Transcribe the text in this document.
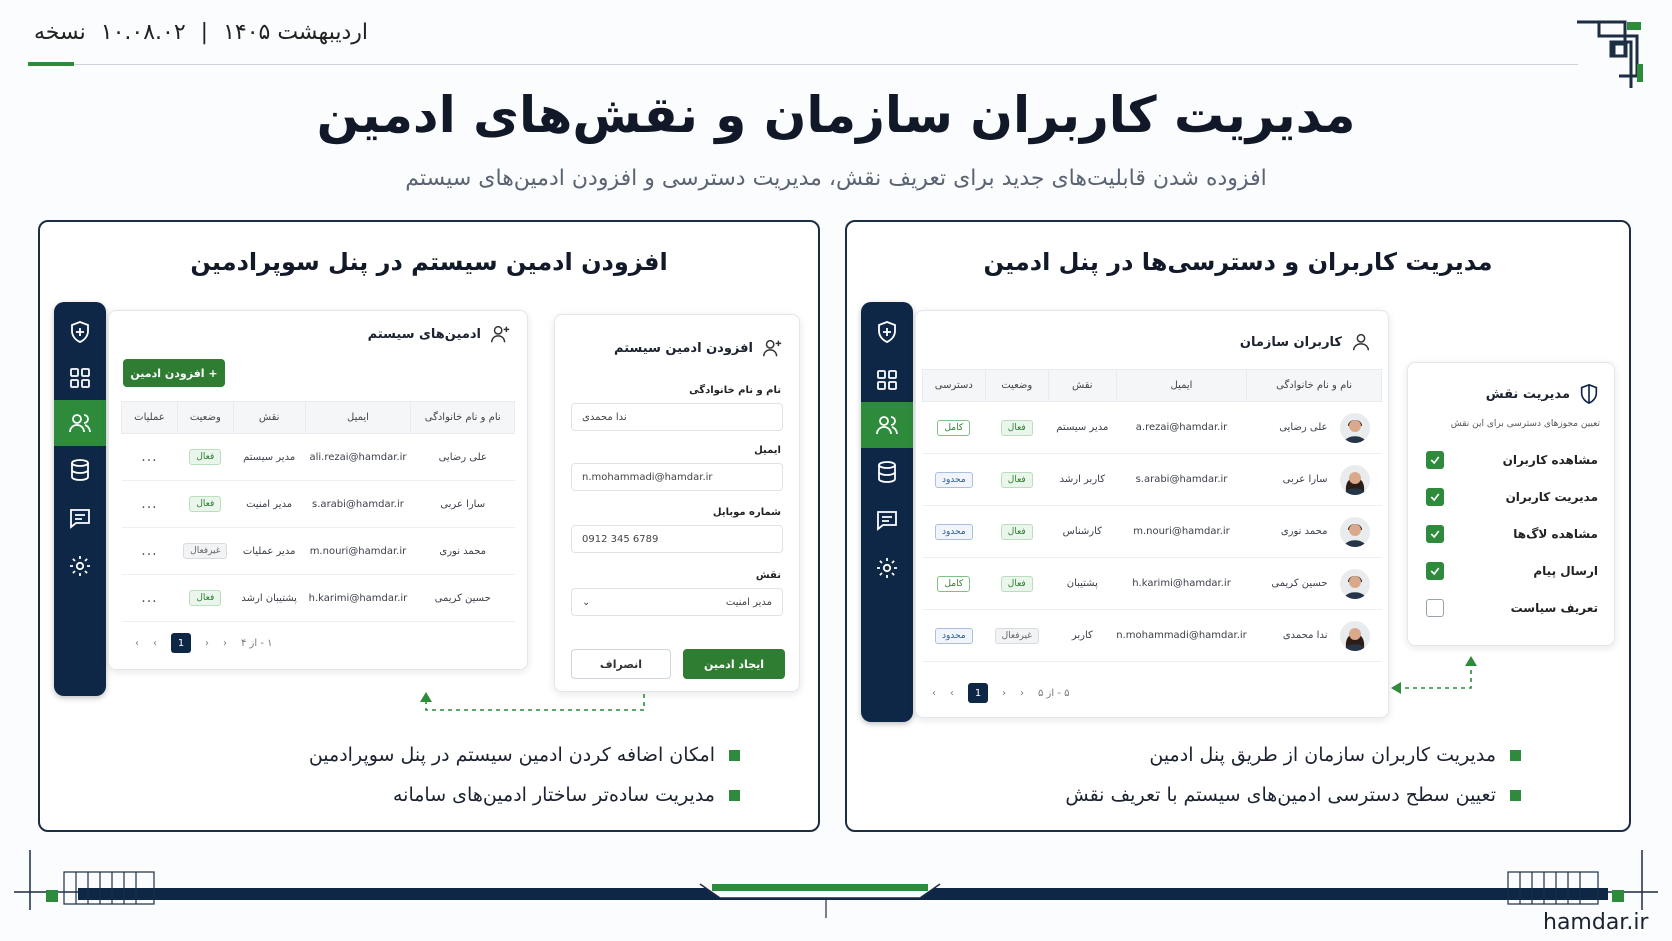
اردیبهشت ۱۴۰۵ | ۱۰.۰۸.۰۲ نسخه
مدیریت کاربران سازمان و نقش‌های ادمین
افزوده شدن قابلیت‌های جدید برای تعریف نقش، مدیریت دسترسی و افزودن ادمین‌های سیستم
افزودن ادمین سیستم در پنل سوپرادمین
ادمین‌های سیستم
+ افزودن ادمین
نام و نام خانوادگی	ایمیل	نقش	وضعیت	عملیات
علی رضایی	ali.rezai@hamdar.ir	مدیر سیستم	فعال	...
سارا عربی	s.arabi@hamdar.ir	مدیر امنیت	فعال	...
محمد نوری	m.nouri@hamdar.ir	مدیر عملیات	غیرفعال	...
حسین کریمی	h.karimi@hamdar.ir	پشتیبان ارشد	فعال	...
‹ ‹	1	› › ۱ - از ۴
افزودن ادمین سیستم
نام و نام خانوادگی
ندا محمدی
ایمیل
n.mohammadi@hamdar.ir
شماره موبایل
0912 345 6789
نقش
⌄	مدیر امنیت
انصراف	ایجاد ادمین
امکان اضافه کردن ادمین سیستم در پنل سوپرادمین
مدیریت ساده‌تر ساختار ادمین‌های سامانه
مدیریت کاربران و دسترسی‌ها در پنل ادمین
کاربران سازمان
نام و نام خانوادگی	ایمیل	نقش	وضعیت	دسترسی

علی رضایی	a.rezai@hamdar.ir	مدیر سیستم	فعال	کامل

سارا عربی	s.arabi@hamdar.ir	کاربر ارشد	فعال	محدود

محمد نوری	m.nouri@hamdar.ir	کارشناس	فعال	محدود

حسین کریمی	h.karimi@hamdar.ir	پشتیبان	فعال	کامل

ندا محمدی	n.mohammadi@hamdar.ir	کاربر	غیرفعال	محدود
‹ ‹	1	› › ۵ - از ۵
مدیریت نقش
تعیین مجوزهای دسترسی برای این نقش
مشاهده کاربران
مدیریت کاربران
مشاهده لاگ‌ها
ارسال پیام
تعریف سیاست
مدیریت کاربران سازمان از طریق پنل ادمین
تعیین سطح دسترسی ادمین‌های سیستم با تعریف نقش
hamdar.ir
